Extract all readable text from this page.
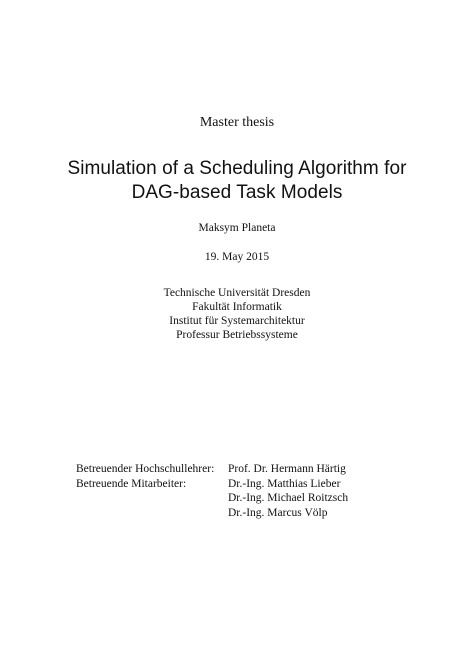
Master thesis
Simulation of a Scheduling Algorithm for
DAG-based Task Models
Maksym Planeta
19. May 2015
Technische Universität Dresden
Fakultät Informatik
Institut für Systemarchitektur
Professur Betriebssysteme
Betreuender Hochschullehrer:	Prof. Dr. Hermann Härtig
Betreuende Mitarbeiter:	Dr.-Ing. Matthias Lieber
Dr.-Ing. Michael Roitzsch
Dr.-Ing. Marcus Völp
